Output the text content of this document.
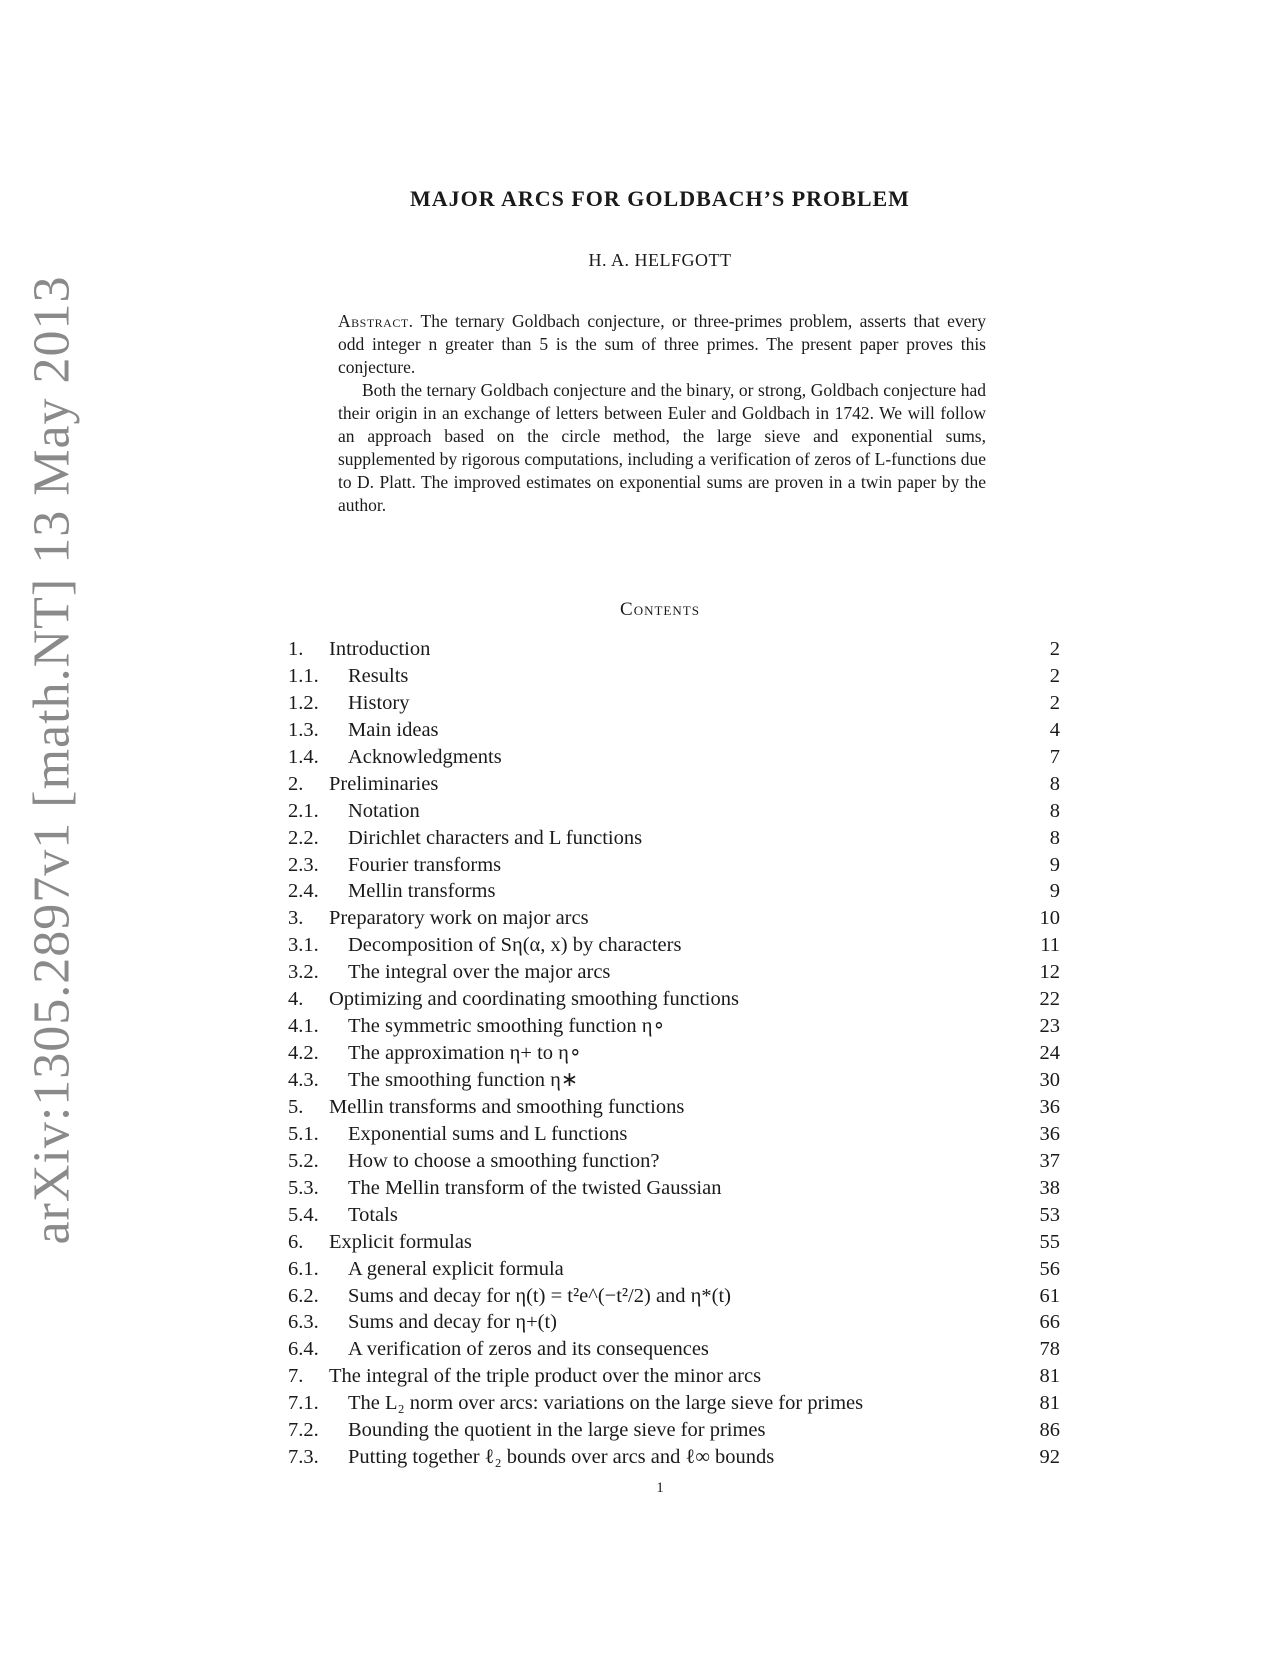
arXiv:1305.2897v1 [math.NT] 13 May 2013
MAJOR ARCS FOR GOLDBACH’S PROBLEM
H. A. HELFGOTT

Abstract. The ternary Goldbach conjecture, or three-primes problem, asserts that every odd integer n greater than 5 is the sum of three primes. The present paper proves this conjecture.

Both the ternary Goldbach conjecture and the binary, or strong, Goldbach conjecture had their origin in an exchange of letters between Euler and Goldbach in 1742. We will follow an approach based on the circle method, the large sieve and exponential sums, supplemented by rigorous computations, including a verification of zeros of L-functions due to D. Platt. The improved estimates on exponential sums are proven in a twin paper by the author.

Contents
1. Introduction	2
1.1. Results	2
1.2. History	2
1.3. Main ideas	4
1.4. Acknowledgments	7
2. Preliminaries	8
2.1. Notation	8
2.2. Dirichlet characters and L functions	8
2.3. Fourier transforms	9
2.4. Mellin transforms	9
3. Preparatory work on major arcs	10
3.1. Decomposition of Sη(α, x) by characters	11
3.2. The integral over the major arcs	12
4. Optimizing and coordinating smoothing functions	22
4.1. The symmetric smoothing function η∘	23
4.2. The approximation η+ to η∘	24
4.3. The smoothing function η∗	30
5. Mellin transforms and smoothing functions	36
5.1. Exponential sums and L functions	36
5.2. How to choose a smoothing function?	37
5.3. The Mellin transform of the twisted Gaussian	38
5.4. Totals	53
6. Explicit formulas	55
6.1. A general explicit formula	56
6.2. Sums and decay for η(t) = t²e^(−t²/2) and η*(t)	61
6.3. Sums and decay for η+(t)	66
6.4. A verification of zeros and its consequences	78
7. The integral of the triple product over the minor arcs	81
7.1. The L₂ norm over arcs: variations on the large sieve for primes	81
7.2. Bounding the quotient in the large sieve for primes	86
7.3. Putting together ℓ₂ bounds over arcs and ℓ∞ bounds	92
1
